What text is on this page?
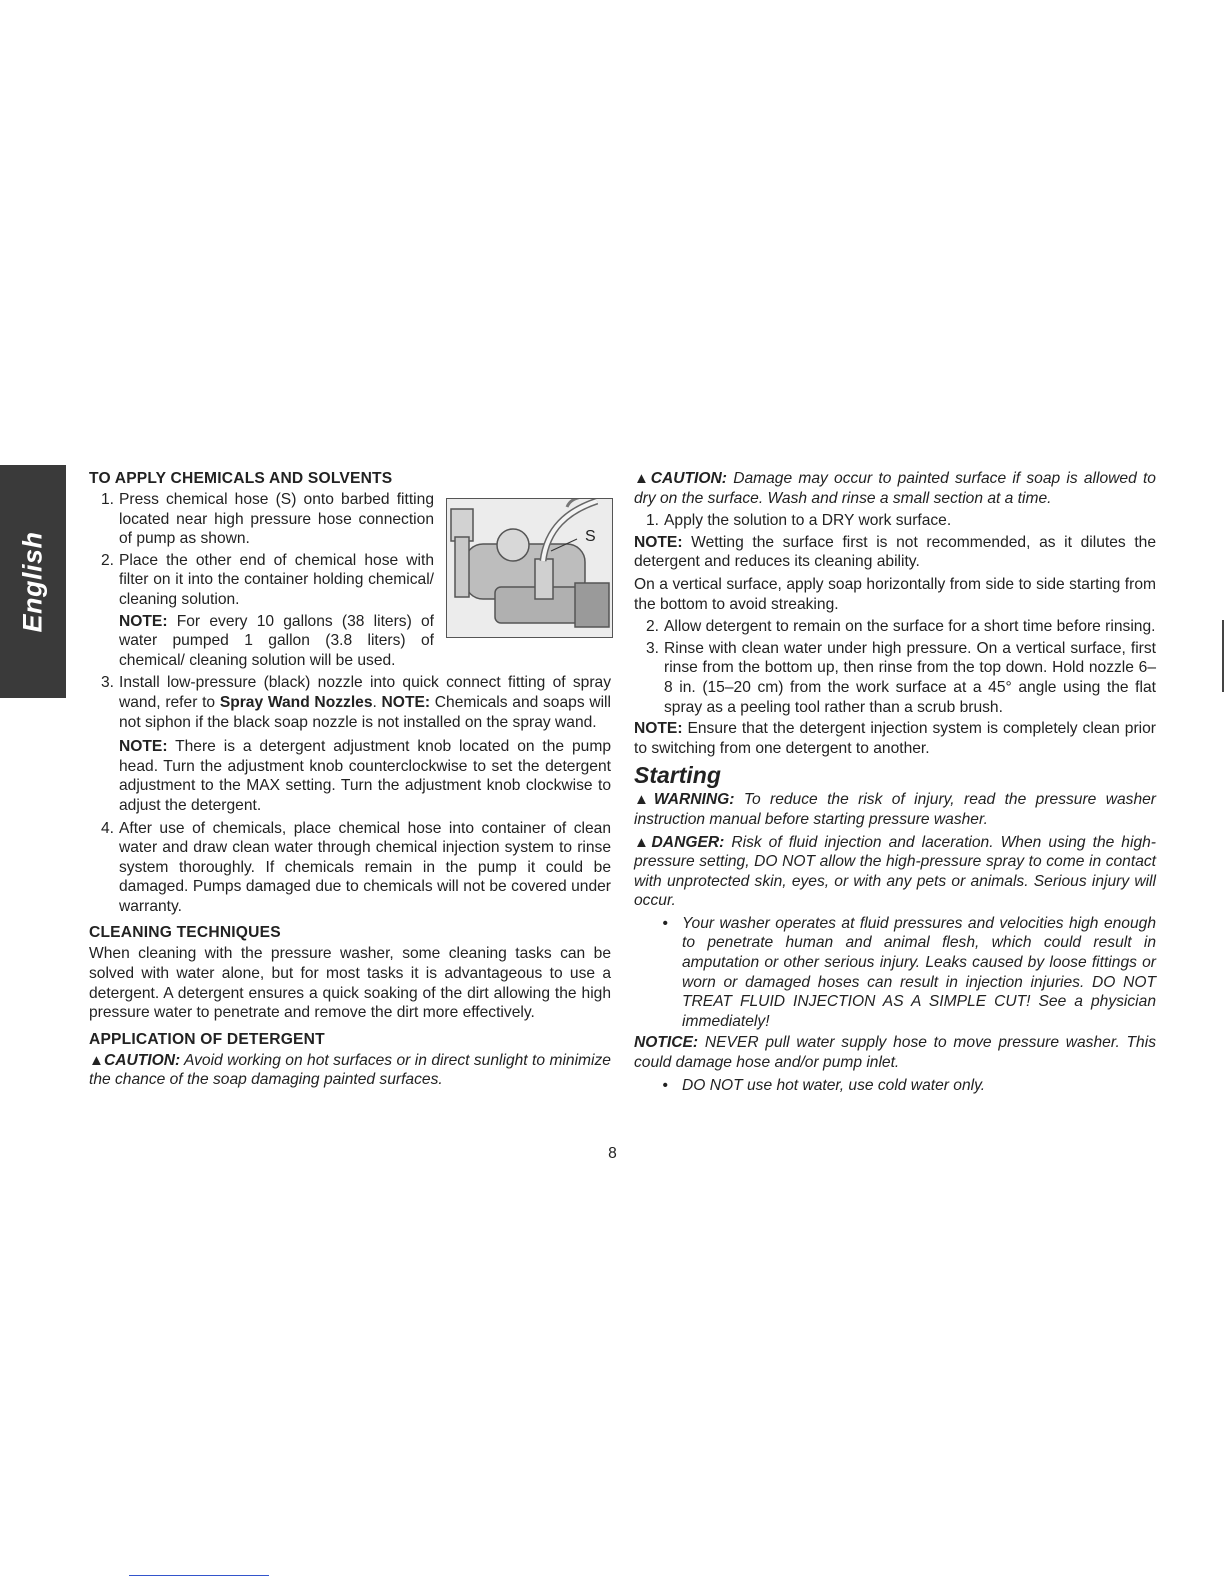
English
TO APPLY CHEMICALS AND SOLVENTS
1. Press chemical hose (S) onto barbed fitting located near high pressure hose connection of pump as shown.
2. Place the other end of chemical hose with filter on it into the container holding chemical/ cleaning solution.

NOTE: For every 10 gallons (38 liters) of water pumped 1 gallon (3.8 liters) of chemical/ cleaning solution will be used.

3. Install low-pressure (black) nozzle into quick connect fitting of spray wand, refer to Spray Wand Nozzles. NOTE: Chemicals and soaps will not siphon if the black soap nozzle is not installed on the spray wand.

NOTE: There is a detergent adjustment knob located on the pump head. Turn the adjustment knob counterclockwise to set the detergent adjustment to the MAX setting. Turn the adjustment knob clockwise to adjust the detergent.

4. After use of chemicals, place chemical hose into container of clean water and draw clean water through chemical injection system to rinse system thoroughly. If chemicals remain in the pump it could be damaged. Pumps damaged due to chemicals will not be covered under warranty.
CLEANING TECHNIQUES

When cleaning with the pressure washer, some cleaning tasks can be solved with water alone, but for most tasks it is advantageous to use a detergent. A detergent ensures a quick soaking of the dirt allowing the high pressure water to penetrate and remove the dirt more effectively.

APPLICATION OF DETERGENT

▲CAUTION: Avoid working on hot surfaces or in direct sunlight to minimize the chance of the soap damaging painted surfaces.

S

▲CAUTION: Damage may occur to painted surface if soap is allowed to dry on the surface. Wash and rinse a small section at a time.

1. Apply the solution to a DRY work surface.

NOTE: Wetting the surface first is not recommended, as it dilutes the detergent and reduces its cleaning ability.

On a vertical surface, apply soap horizontally from side to side starting from the bottom to avoid streaking.

2. Allow detergent to remain on the surface for a short time before rinsing.
3. Rinse with clean water under high pressure. On a vertical surface, first rinse from the bottom up, then rinse from the top down. Hold nozzle 6–8 in. (15–20 cm) from the work surface at a 45° angle using the flat spray as a peeling tool rather than a scrub brush.

NOTE: Ensure that the detergent injection system is completely clean prior to switching from one detergent to another.

Starting

▲WARNING: To reduce the risk of injury, read the pressure washer instruction manual before starting pressure washer.

▲DANGER: Risk of fluid injection and laceration. When using the high-pressure setting, DO NOT allow the high-pressure spray to come in contact with unprotected skin, eyes, or with any pets or animals. Serious injury will occur.

• Your washer operates at fluid pressures and velocities high enough to penetrate human and animal flesh, which could result in amputation or other serious injury. Leaks caused by loose fittings or worn or damaged hoses can result in injection injuries. DO NOT TREAT FLUID INJECTION AS A SIMPLE CUT! See a physician immediately!

NOTICE: NEVER pull water supply hose to move pressure washer. This could damage hose and/or pump inlet.

• DO NOT use hot water, use cold water only.
8
